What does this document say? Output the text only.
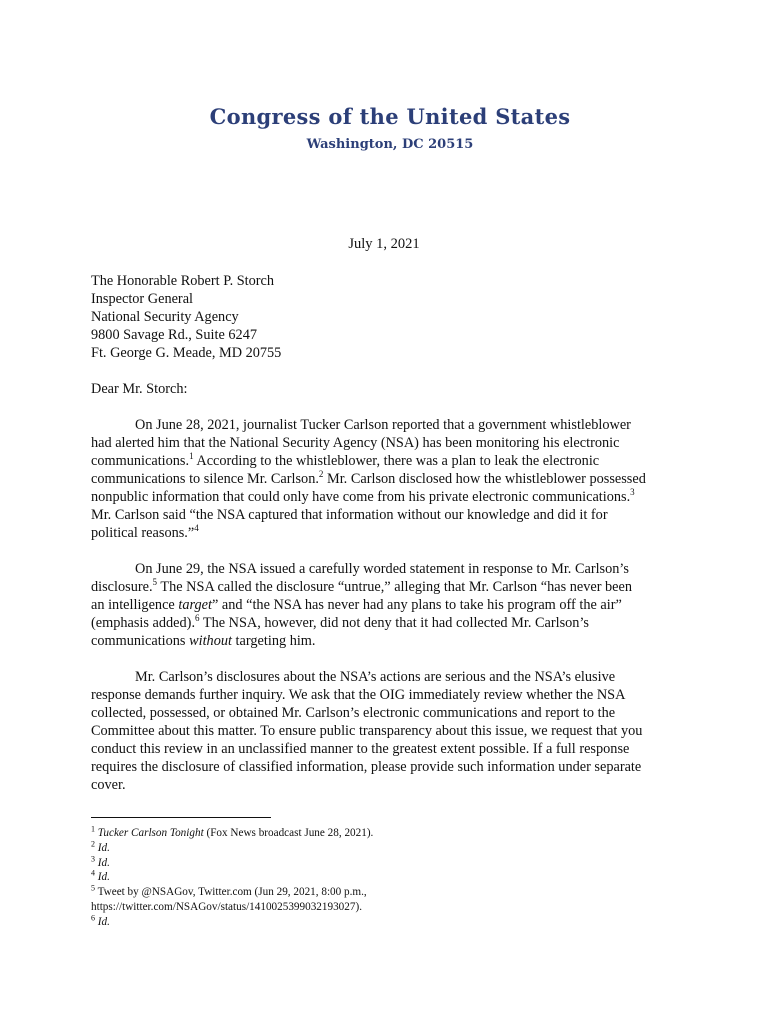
Congress of the United States
Washington, DC 20515
July 1, 2021
The Honorable Robert P. Storch
Inspector General
National Security Agency
9800 Savage Rd., Suite 6247
Ft. George G. Meade, MD 20755
Dear Mr. Storch:
On June 28, 2021, journalist Tucker Carlson reported that a government whistleblower
had alerted him that the National Security Agency (NSA) has been monitoring his electronic
communications.$^1$ According to the whistleblower, there was a plan to leak the electronic
communications to silence Mr. Carlson.$^2$ Mr. Carlson disclosed how the whistleblower possessed
nonpublic information that could only have come from his private electronic communications.$^3$
Mr. Carlson said “the NSA captured that information without our knowledge and did it for
political reasons.”$^4$
On June 29, the NSA issued a carefully worded statement in response to Mr. Carlson’s
disclosure.$^5$ The NSA called the disclosure “untrue,” alleging that Mr. Carlson “has never been
an intelligence target” and “the NSA has never had any plans to take his program off the air”
(emphasis added).$^6$ The NSA, however, did not deny that it had collected Mr. Carlson’s
communications without targeting him.
Mr. Carlson’s disclosures about the NSA’s actions are serious and the NSA’s elusive
response demands further inquiry. We ask that the OIG immediately review whether the NSA
collected, possessed, or obtained Mr. Carlson’s electronic communications and report to the
Committee about this matter. To ensure public transparency about this issue, we request that you
conduct this review in an unclassified manner to the greatest extent possible. If a full response
requires the disclosure of classified information, please provide such information under separate
cover.
$^1$ Tucker Carlson Tonight (Fox News broadcast June 28, 2021).
$^2$ Id.
$^3$ Id.
$^4$ Id.
$^5$ Tweet by @NSAGov, Twitter.com (Jun 29, 2021, 8:00 p.m.,
https://twitter.com/NSAGov/status/1410025399032193027).
$^6$ Id.
